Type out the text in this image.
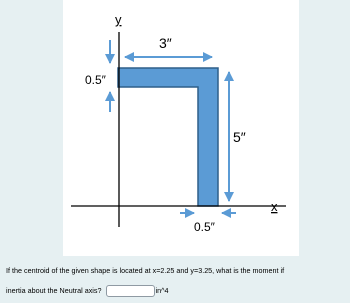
y
x
3″
0.5″
5″
0.5″
If the centroid of the given shape is located at x=2.25 and y=3.25, what is the moment if
inertia about the Neutral axis?	in^4
